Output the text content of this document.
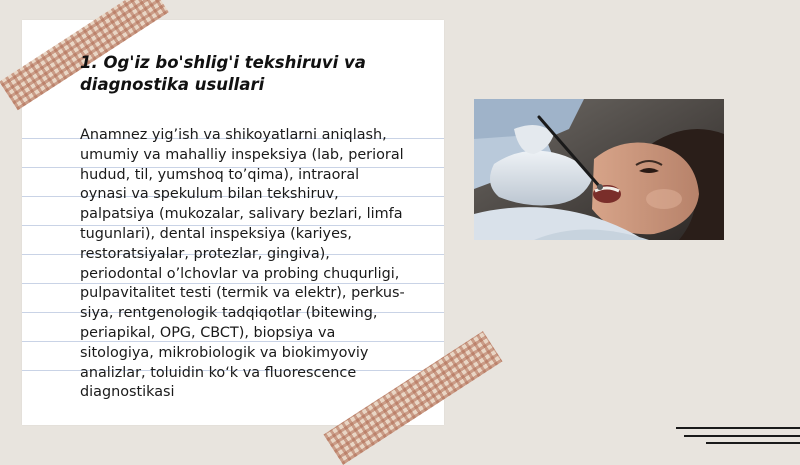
1. Og'iz bo'shlig'i tekshiruvi va
diagnostika usullari

Anamnez yig’ish va shikoyatlarni aniqlash,
umumiy va mahalliy inspeksiya (lab, perioral
hudud, til, yumshoq to’qima), intraoral
oynasi va spekulum bilan tekshiruv,
palpatsiya (mukozalar, salivary bezlari, limfa
tugunlari), dental inspeksiya (kariyes,
restoratsiyalar, protezlar, gingiva),
periodontal o’lchovlar va probing chuqurligi,
pulpavitalitet testi (termik va elektr), perkus-
siya, rentgenologik tadqiqotlar (bitewing,
periapikal, OPG, CBCT), biopsiya va
sitologiya, mikrobiologik va biokimyoviy
analizlar, toluidin ko‘k va fluorescence
diagnostikasi
